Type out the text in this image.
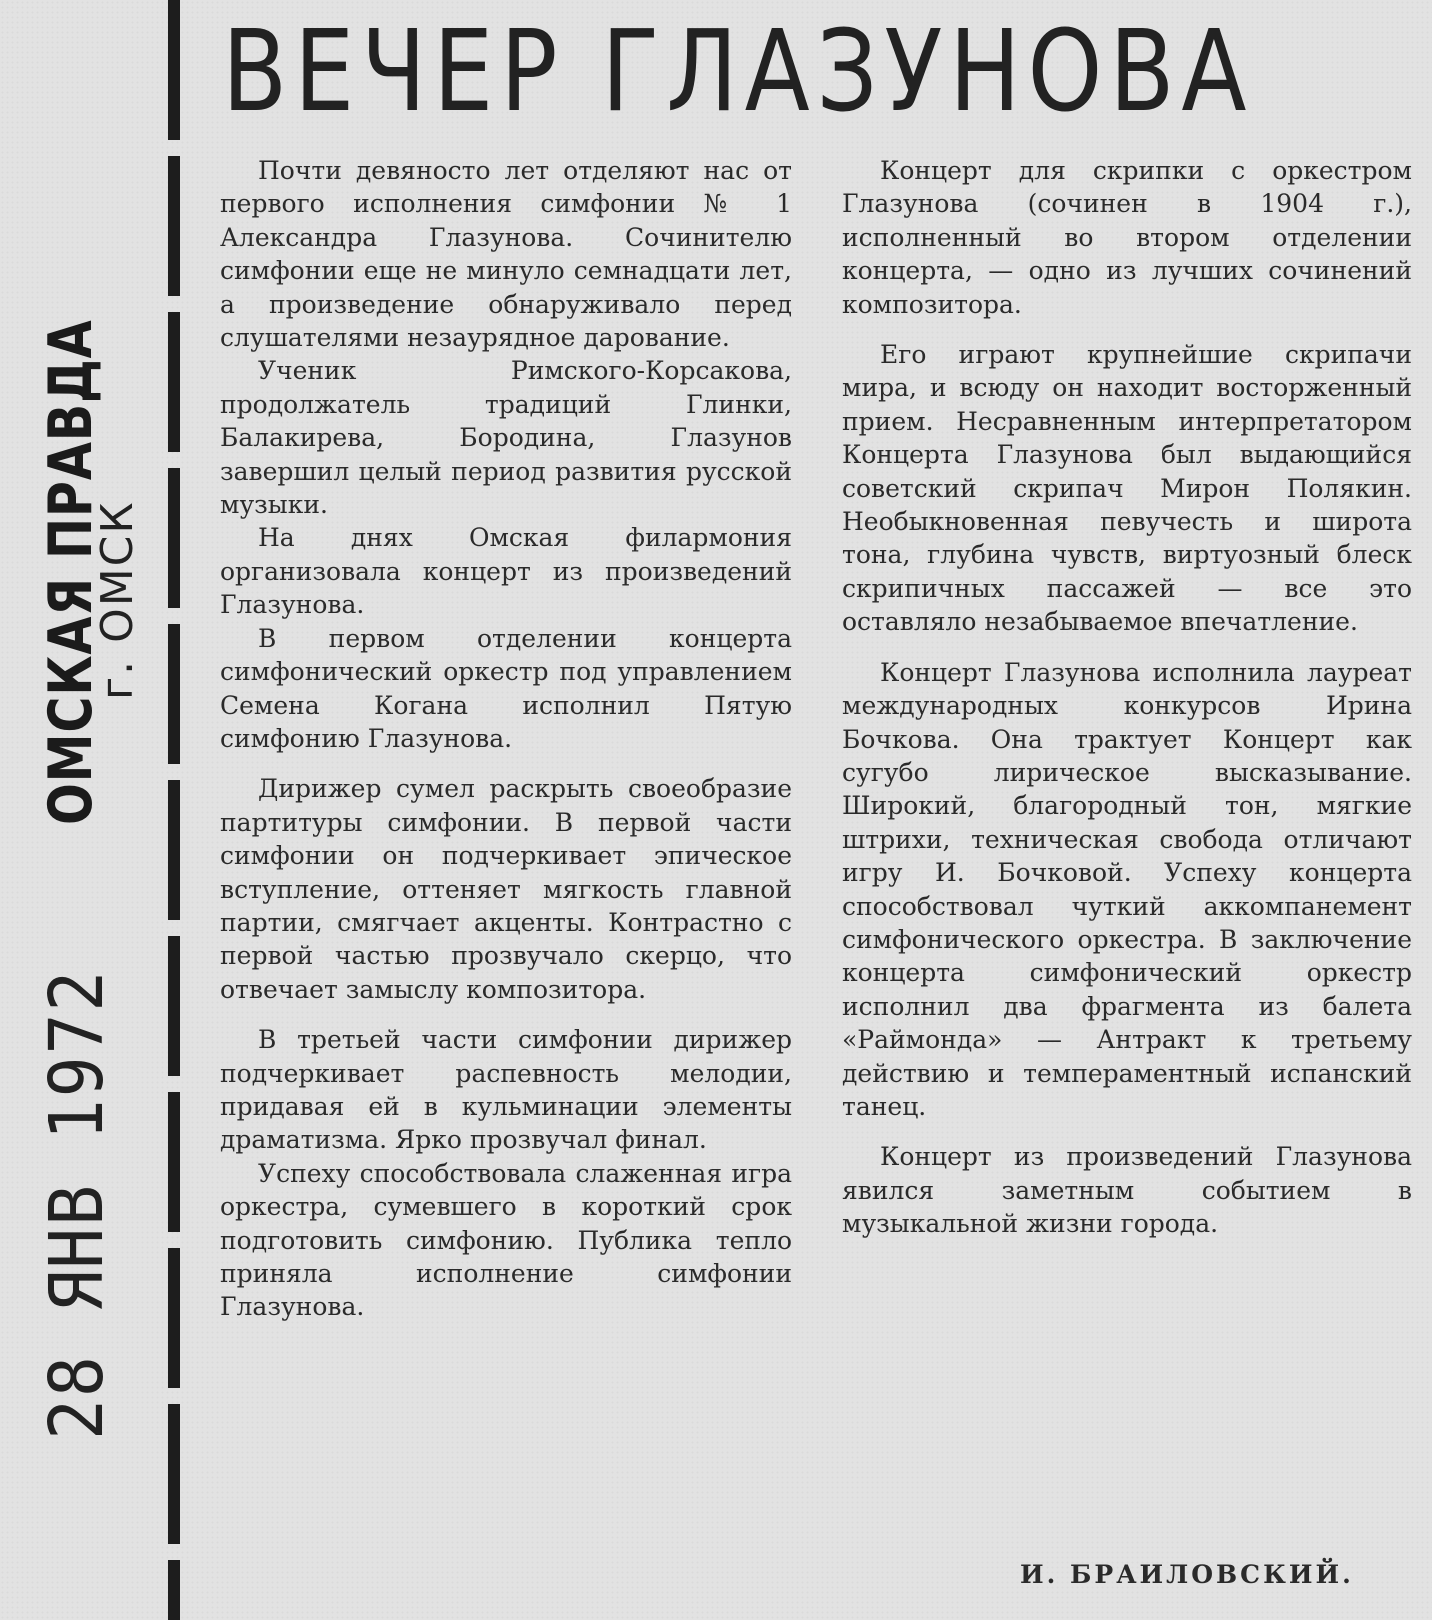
ОМСКАЯ ПРАВДА
г. ОМСК
28 ЯНВ 1972
ВЕЧЕР ГЛАЗУНОВА

Почти девяносто лет отделяют нас от первого исполнения симфонии № 1 Александра Глазунова. Сочинителю симфонии еще не минуло семнадцати лет, а произведение обнаруживало перед слушателями незаурядное дарование.

Ученик Римского-Корсакова, продолжатель традиций Глинки, Балакирева, Бородина, Глазунов завершил целый период развития русской музыки.

На днях Омская филармония организовала концерт из произведений Глазунова.

В первом отделении концерта симфонический оркестр под управлением Семена Когана исполнил Пятую симфонию Глазунова.

Дирижер сумел раскрыть своеобразие партитуры симфонии. В первой части симфонии он подчеркивает эпическое вступление, оттеняет мягкость главной партии, смягчает акценты. Контрастно с первой частью прозвучало скерцо, что отвечает замыслу композитора.

В третьей части симфонии дирижер подчеркивает распевность мелодии, придавая ей в кульминации элементы драматизма. Ярко прозвучал финал.

Успеху способствовала слаженная игра оркестра, сумевшего в короткий срок подготовить симфонию. Публика тепло приняла исполнение симфонии Глазунова.

Концерт для скрипки с оркестром Глазунова (сочинен в 1904 г.), исполненный во втором отделении концерта, — одно из лучших сочинений композитора.

Его играют крупнейшие скрипачи мира, и всюду он находит восторженный прием. Несравненным интерпретатором Концерта Глазунова был выдающийся советский скрипач Мирон Полякин. Необыкновенная певучесть и широта тона, глубина чувств, виртуозный блеск скрипичных пассажей — все это оставляло незабываемое впечатление.

Концерт Глазунова исполнила лауреат международных конкурсов Ирина Бочкова. Она трактует Концерт как сугубо лирическое высказывание. Широкий, благородный тон, мягкие штрихи, техническая свобода отличают игру И. Бочковой. Успеху концерта способствовал чуткий аккомпанемент симфонического оркестра. В заключение концерта симфонический оркестр исполнил два фрагмента из балета «Раймонда» — Антракт к третьему действию и темпераментный испанский танец.

Концерт из произведений Глазунова явился заметным событием в музыкальной жизни города.

И. БРАИЛОВСКИЙ.
